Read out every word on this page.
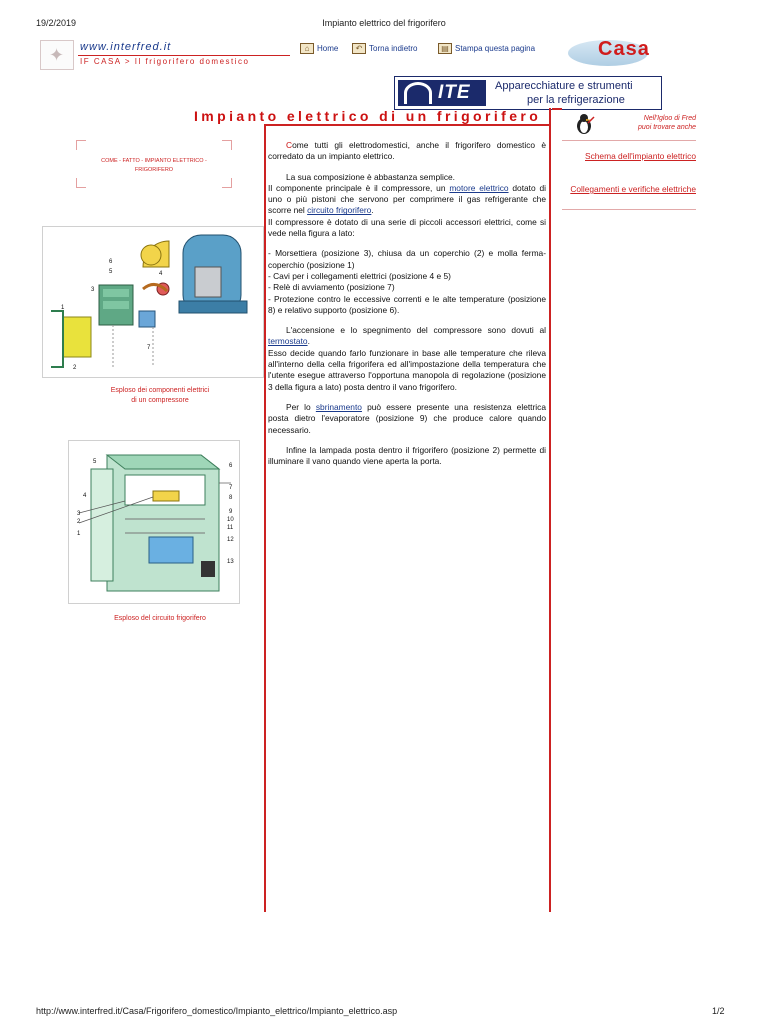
19/2/2019	Impianto elettrico del frigorifero
http://www.interfred.it/Casa/Frigorifero_domestico/Impianto_elettrico/Impianto_elettrico.asp	1/2
✦ www.interfred.it
IF CASA > Il frigorifero domestico
⌂ Home	↶ Torna indietro	▤ Stampa questa pagina	Casa
ITE Apparecchiature e strumenti
per la refrigerazione
Impianto elettrico di un frigorifero
COME - FATTO - IMPIANTO ELETTRICO -
FRIGORIFERO
6
5	4
3
1
2
7
Esploso dei componenti elettrici
di un compressore
5
4
3
2
1
6
7
8
9
10
11
12
13
Esploso del circuito frigorifero

Come tutti gli elettrodomestici, anche il frigorifero domestico è corredato da un impianto elettrico.

La sua composizione è abbastanza semplice.

Il componente principale è il compressore, un motore elettrico dotato di uno o più pistoni che servono per comprimere il gas refrigerante che scorre nel circuito frigorifero.

Il compressore è dotato di una serie di piccoli accessori elettrici, come si vede nella figura a lato:

- Morsettiera (posizione 3), chiusa da un coperchio (2) e molla ferma-coperchio (posizione 1)
- Cavi per i collegamenti elettrici (posizione 4 e 5)
- Relè di avviamento (posizione 7)
- Protezione contro le eccessive correnti e le alte temperature (posizione 8) e relativo supporto (posizione 6).

L'accensione e lo spegnimento del compressore sono dovuti al termostato.

Esso decide quando farlo funzionare in base alle temperature che rileva all'interno della cella frigorifera ed all'impostazione della temperatura che l'utente esegue attraverso l'opportuna manopola di regolazione (posizione 3 della figura a lato) posta dentro il vano frigorifero.

Per lo sbrinamento può essere presente una resistenza elettrica posta dietro l'evaporatore (posizione 9) che produce calore quando necessario.

Infine la lampada posta dentro il frigorifero (posizione 2) permette di illuminare il vano quando viene aperta la porta.

Nell'Igloo di Fred
puoi trovare anche
Schema dell'impianto elettrico
Collegamenti e verifiche elettriche
